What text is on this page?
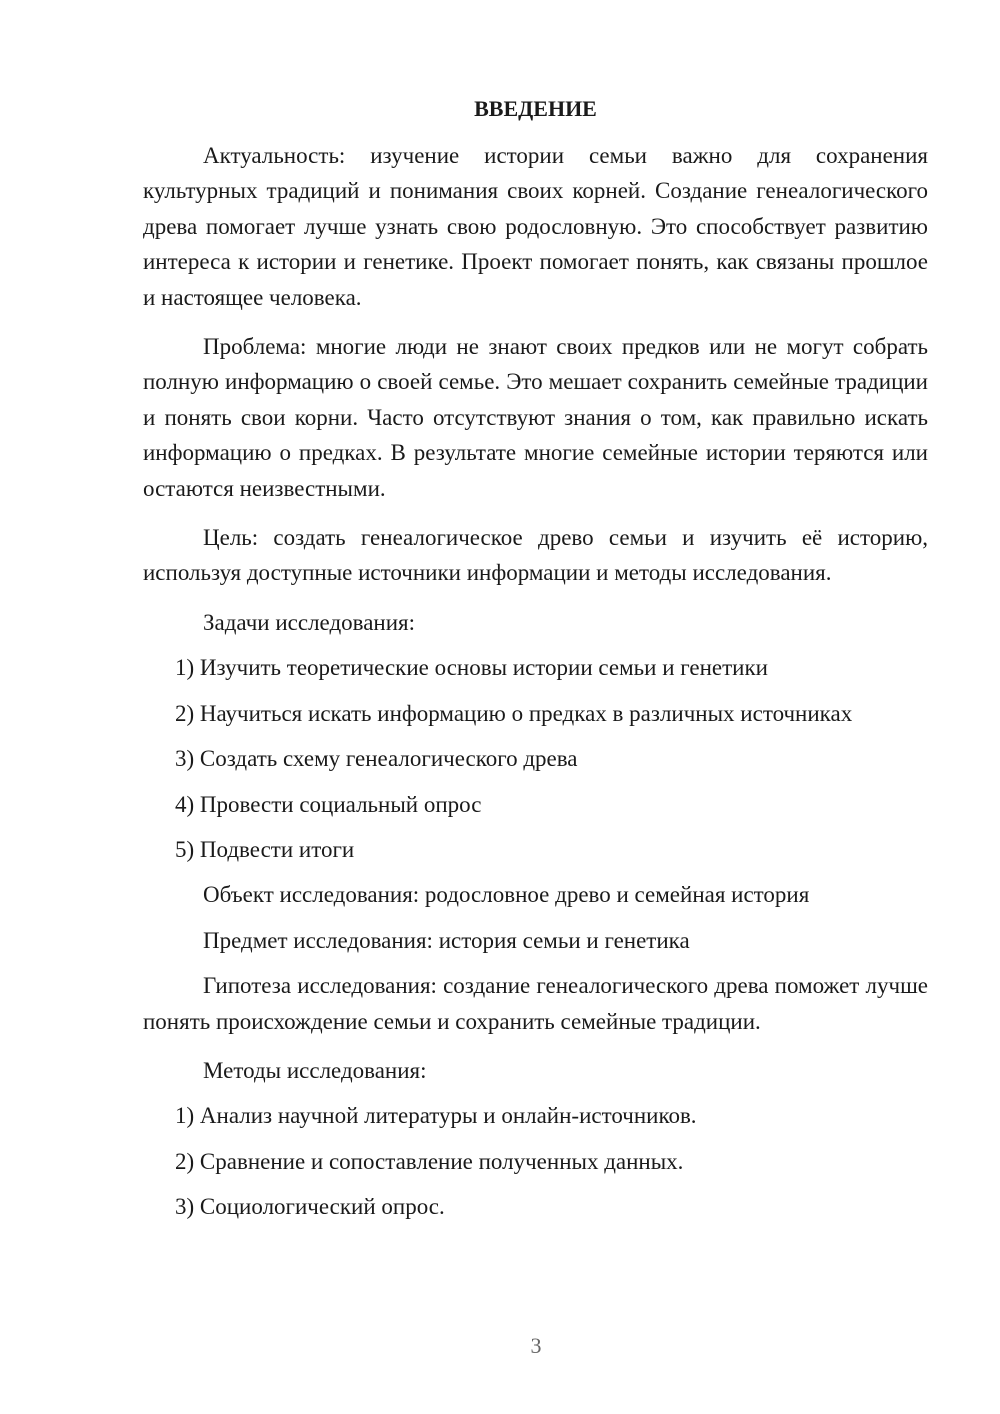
ВВЕДЕНИЕ

Актуальность: изучение истории семьи важно для сохранения культурных традиций и понимания своих корней. Создание генеалогического древа помогает лучше узнать свою родословную. Это способствует развитию интереса к истории и генетике. Проект помогает понять, как связаны прошлое и настоящее человека.

Проблема: многие люди не знают своих предков или не могут собрать полную информацию о своей семье. Это мешает сохранить семейные традиции и понять свои корни. Часто отсутствуют знания о том, как правильно искать информацию о предках. В результате многие семейные истории теряются или остаются неизвестными.

Цель: создать генеалогическое древо семьи и изучить её историю, используя доступные источники информации и методы исследования.

Задачи исследования:
1) Изучить теоретические основы истории семьи и генетики
2) Научиться искать информацию о предках в различных источниках
3) Создать схему генеалогического древа
4) Провести социальный опрос
5) Подвести итоги
Объект исследования: родословное древо и семейная история
Предмет исследования: история семьи и генетика

Гипотеза исследования: создание генеалогического древа поможет лучше понять происхождение семьи и сохранить семейные традиции.

Методы исследования:
1) Анализ научной литературы и онлайн-источников.
2) Сравнение и сопоставление полученных данных.
3) Социологический опрос.
3
